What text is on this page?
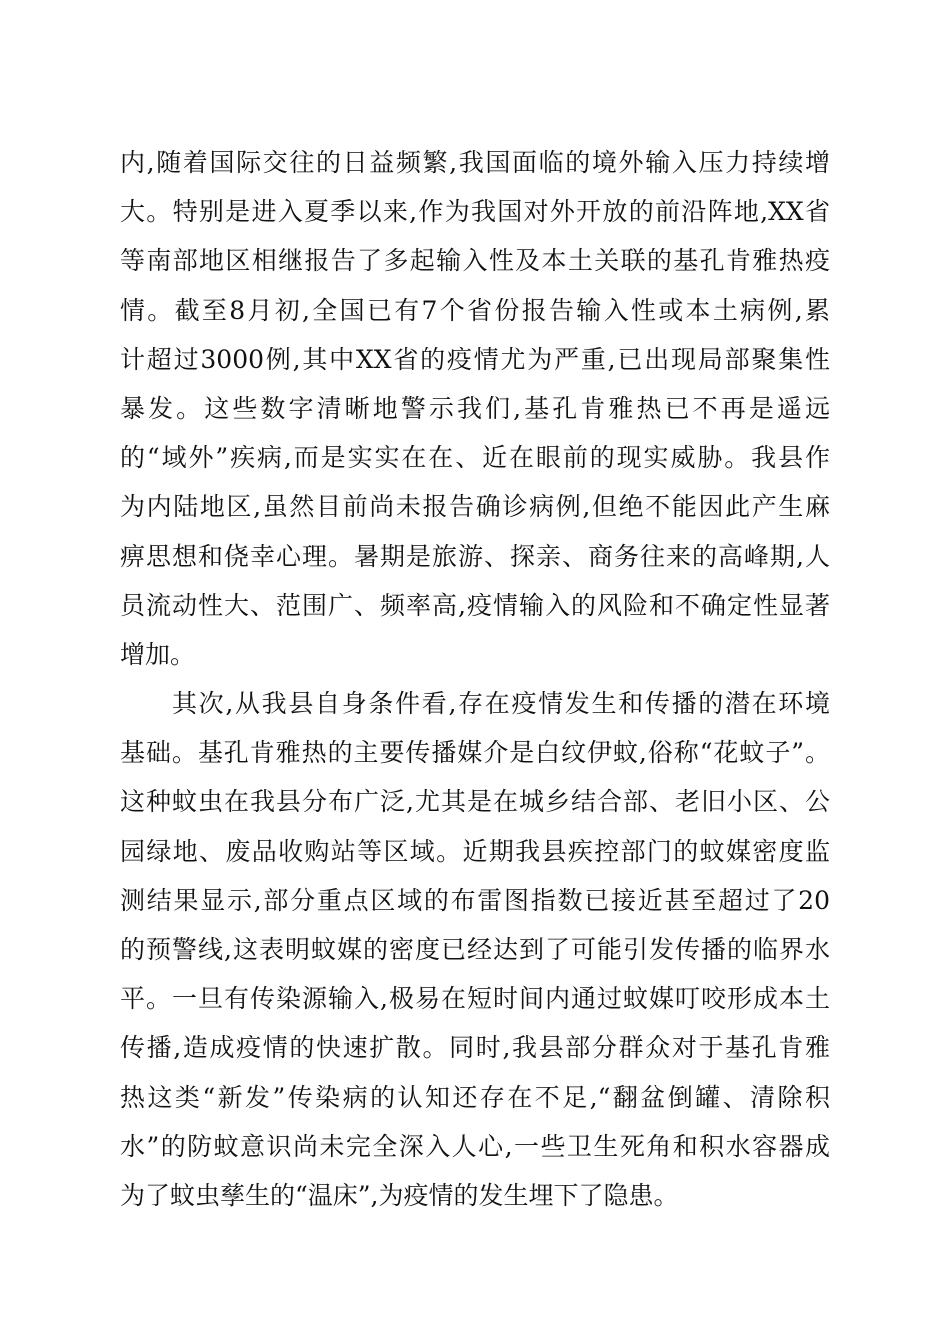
内,随着国际交往的日益频繁,我国面临的境外输入压力持续增
大。特别是进入夏季以来,作为我国对外开放的前沿阵地,XX省
等南部地区相继报告了多起输入性及本土关联的基孔肯雅热疫
情。截至8月初,全国已有7个省份报告输入性或本土病例,累
计超过3000例,其中XX省的疫情尤为严重,已出现局部聚集性
暴发。这些数字清晰地警示我们,基孔肯雅热已不再是遥远
的“域外”疾病,而是实实在在、近在眼前的现实威胁。我县作
为内陆地区,虽然目前尚未报告确诊病例,但绝不能因此产生麻
痹思想和侥幸心理。暑期是旅游、探亲、商务往来的高峰期,人
员流动性大、范围广、频率高,疫情输入的风险和不确定性显著
增加。
其次,从我县自身条件看,存在疫情发生和传播的潜在环境
基础。基孔肯雅热的主要传播媒介是白纹伊蚊,俗称“花蚊子”。
这种蚊虫在我县分布广泛,尤其是在城乡结合部、老旧小区、公
园绿地、废品收购站等区域。近期我县疾控部门的蚊媒密度监
测结果显示,部分重点区域的布雷图指数已接近甚至超过了20
的预警线,这表明蚊媒的密度已经达到了可能引发传播的临界水
平。一旦有传染源输入,极易在短时间内通过蚊媒叮咬形成本土
传播,造成疫情的快速扩散。同时,我县部分群众对于基孔肯雅
热这类“新发”传染病的认知还存在不足,“翻盆倒罐、清除积
水”的防蚊意识尚未完全深入人心,一些卫生死角和积水容器成
为了蚊虫孳生的“温床”,为疫情的发生埋下了隐患。
